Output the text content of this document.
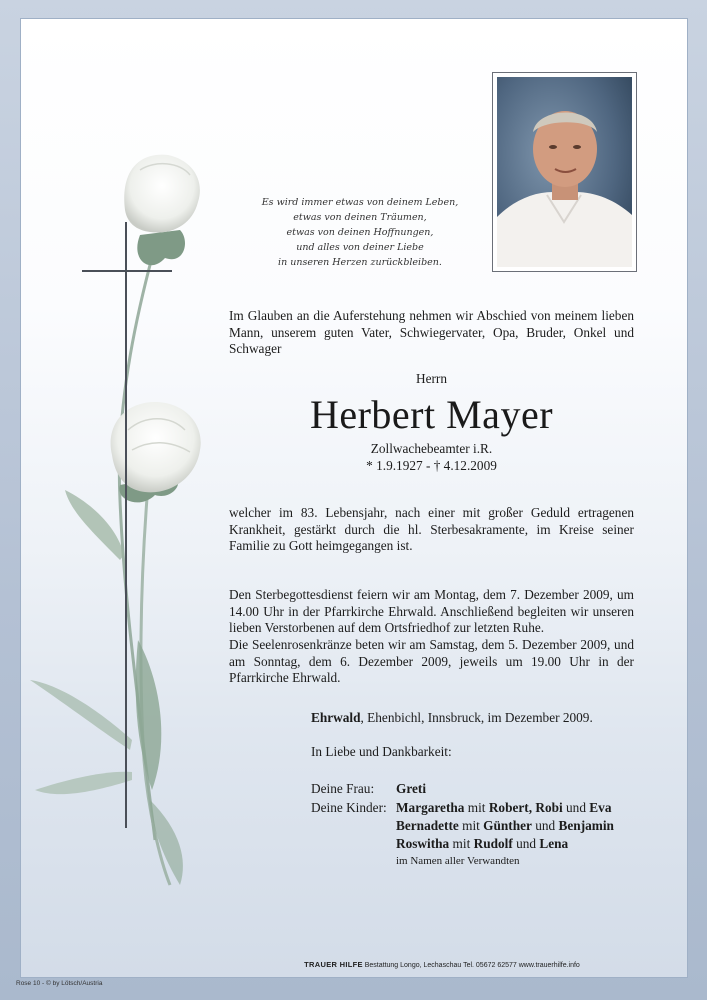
Es wird immer etwas von deinem Leben,
etwas von deinen Träumen,
etwas von deinen Hoffnungen,
und alles von deiner Liebe
in unseren Herzen zurückbleiben.
Im Glauben an die Auferstehung nehmen wir Abschied von meinem lieben Mann, unserem guten Vater, Schwiegervater, Opa, Bruder, Onkel und Schwager
Herrn
Herbert Mayer
Zollwachebeamter i.R.
* 1.9.1927 - † 4.12.2009
welcher im 83. Lebensjahr, nach einer mit großer Geduld ertragenen Krankheit, gestärkt durch die hl. Sterbesakramente, im Kreise seiner Familie zu Gott heimgegangen ist.
Den Sterbegottesdienst feiern wir am Montag, dem 7. Dezember 2009, um 14.00 Uhr in der Pfarrkirche Ehrwald. Anschließend begleiten wir unseren lieben Verstorbenen auf dem Ortsfriedhof zur letzten Ruhe.
Die Seelenrosenkränze beten wir am Samstag, dem 5. Dezember 2009, und am Sonntag, dem 6. Dezember 2009, jeweils um 19.00 Uhr in der Pfarrkirche Ehrwald.
Ehrwald, Ehenbichl, Innsbruck, im Dezember 2009.
In Liebe und Dankbarkeit:
Deine Frau: Greti
Deine Kinder: Margaretha mit Robert, Robi und Eva
Bernadette mit Günther und Benjamin
Roswitha mit Rudolf und Lena
im Namen aller Verwandten
TRAUER HILFE Bestattung Longo, Lechaschau Tel. 05672 62577 www.trauerhilfe.info
Rose 10 - © by Lötsch/Austria
